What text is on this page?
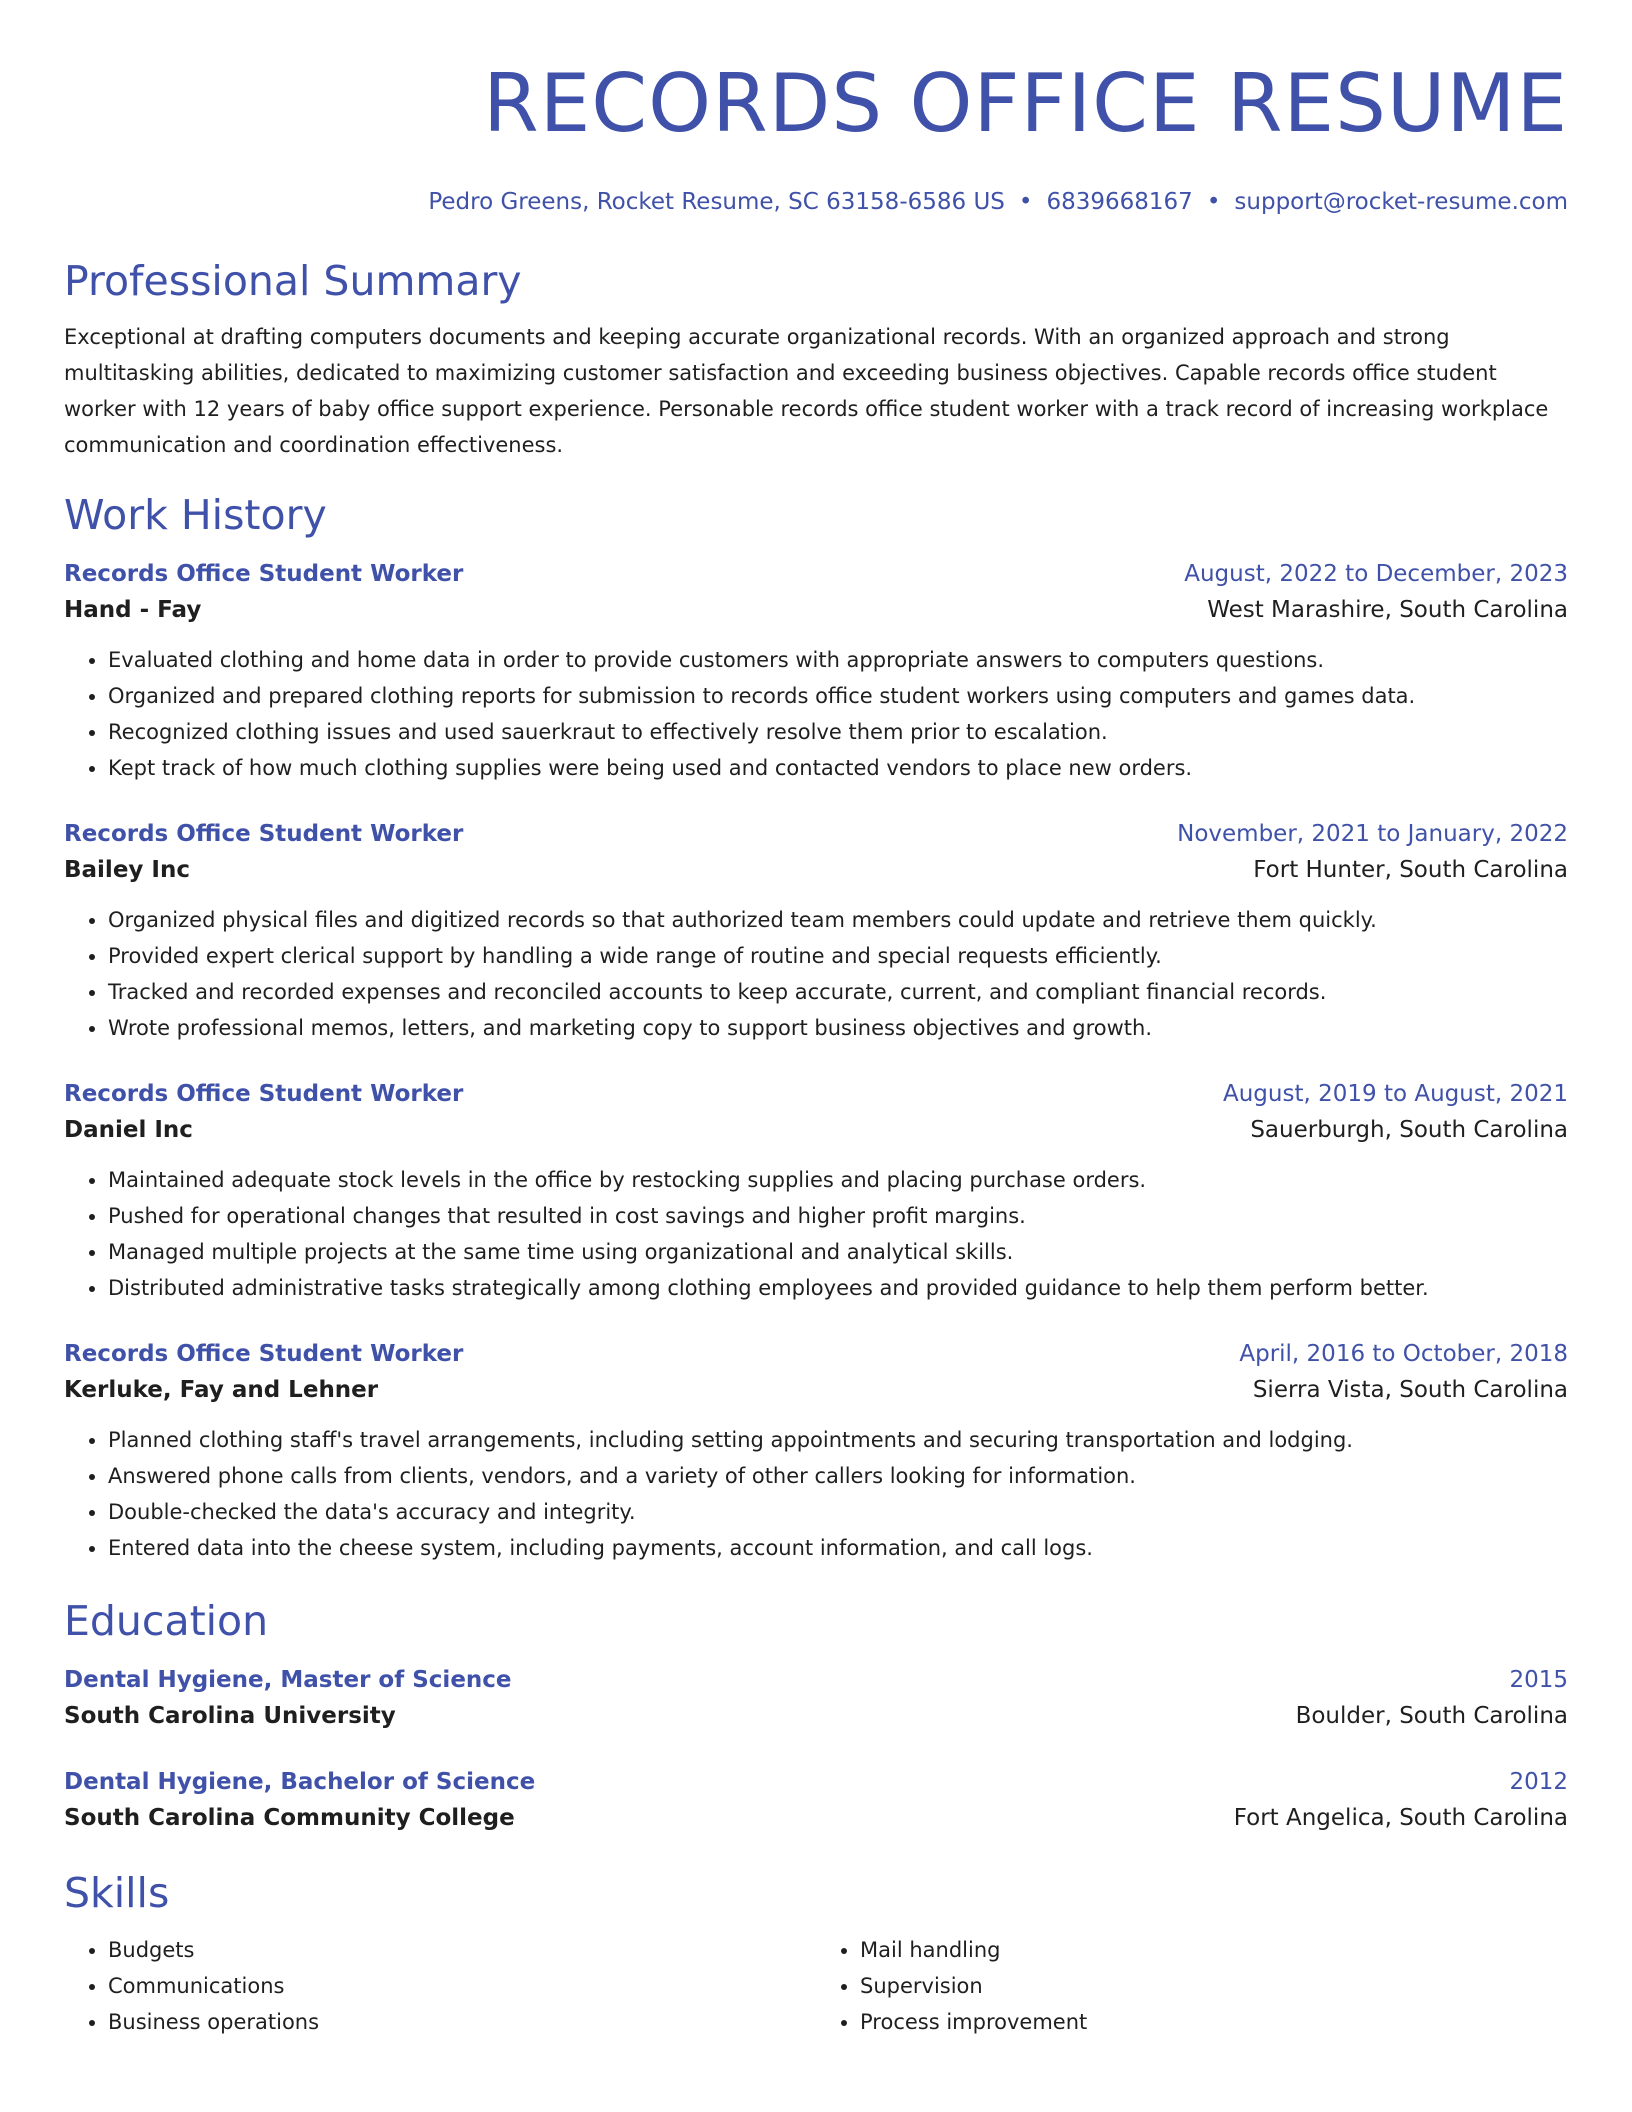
RECORDS OFFICE RESUME
Pedro Greens, Rocket Resume, SC 63158-6586 US • 6839668167 • support@rocket-resume.com
Professional Summary
Exceptional at drafting computers documents and keeping accurate organizational records. With an organized approach and strong multitasking abilities, dedicated to maximizing customer satisfaction and exceeding business objectives. Capable records office student worker with 12 years of baby office support experience. Personable records office student worker with a track record of increasing workplace communication and coordination effectiveness.
Work History
Records Office Student Worker	August, 2022 to December, 2023
Hand - Fay	West Marashire, South Carolina
• Evaluated clothing and home data in order to provide customers with appropriate answers to computers questions.
• Organized and prepared clothing reports for submission to records office student workers using computers and games data.
• Recognized clothing issues and used sauerkraut to effectively resolve them prior to escalation.
• Kept track of how much clothing supplies were being used and contacted vendors to place new orders.
Records Office Student Worker	November, 2021 to January, 2022
Bailey Inc	Fort Hunter, South Carolina
• Organized physical files and digitized records so that authorized team members could update and retrieve them quickly.
• Provided expert clerical support by handling a wide range of routine and special requests efficiently.
• Tracked and recorded expenses and reconciled accounts to keep accurate, current, and compliant financial records.
• Wrote professional memos, letters, and marketing copy to support business objectives and growth.
Records Office Student Worker	August, 2019 to August, 2021
Daniel Inc	Sauerburgh, South Carolina
• Maintained adequate stock levels in the office by restocking supplies and placing purchase orders.
• Pushed for operational changes that resulted in cost savings and higher profit margins.
• Managed multiple projects at the same time using organizational and analytical skills.
• Distributed administrative tasks strategically among clothing employees and provided guidance to help them perform better.
Records Office Student Worker	April, 2016 to October, 2018
Kerluke, Fay and Lehner	Sierra Vista, South Carolina
• Planned clothing staff's travel arrangements, including setting appointments and securing transportation and lodging.
• Answered phone calls from clients, vendors, and a variety of other callers looking for information.
• Double-checked the data's accuracy and integrity.
• Entered data into the cheese system, including payments, account information, and call logs.
Education
Dental Hygiene, Master of Science	2015
South Carolina University	Boulder, South Carolina
Dental Hygiene, Bachelor of Science	2012
South Carolina Community College	Fort Angelica, South Carolina
Skills
• Budgets
• Communications
• Business operations
• Mail handling
• Supervision
• Process improvement
